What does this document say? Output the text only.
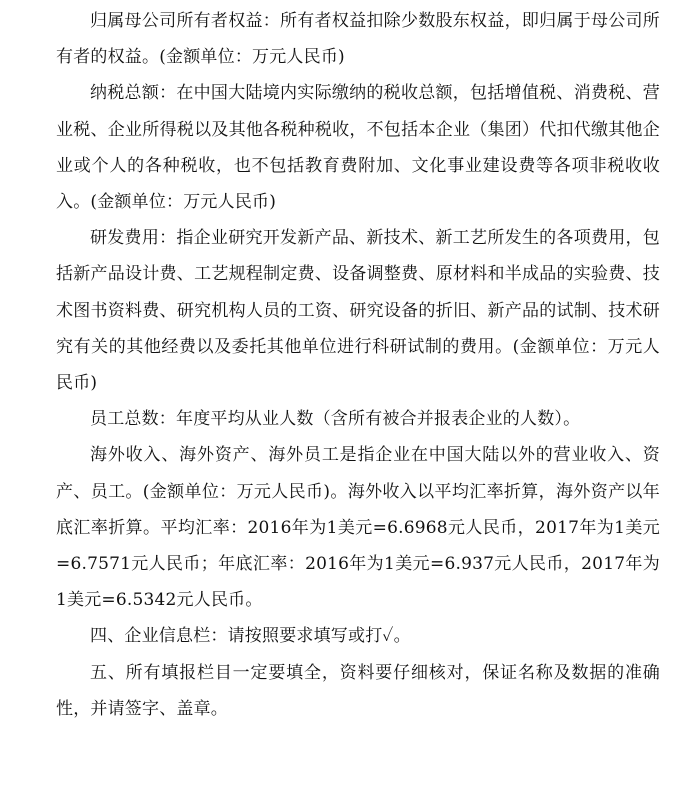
归属母公司所有者权益：所有者权益扣除少数股东权益，即归属于母公司所有者的权益。(金额单位：万元人民币)

纳税总额：在中国大陆境内实际缴纳的税收总额，包括增值税、消费税、营业税、企业所得税以及其他各税种税收，不包括本企业（集团）代扣代缴其他企业或个人的各种税收，也不包括教育费附加、文化事业建设费等各项非税收收入。(金额单位：万元人民币)

研发费用：指企业研究开发新产品、新技术、新工艺所发生的各项费用，包括新产品设计费、工艺规程制定费、设备调整费、原材料和半成品的实验费、技术图书资料费、研究机构人员的工资、研究设备的折旧、新产品的试制、技术研究有关的其他经费以及委托其他单位进行科研试制的费用。(金额单位：万元人民币)

员工总数：年度平均从业人数（含所有被合并报表企业的人数）。

海外收入、海外资产、海外员工是指企业在中国大陆以外的营业收入、资产、员工。(金额单位：万元人民币)。海外收入以平均汇率折算，海外资产以年底汇率折算。平均汇率：2016年为1美元=6.6968元人民币，2017年为1美元=6.7571元人民币；年底汇率：2016年为1美元=6.937元人民币，2017年为1美元=6.5342元人民币。

四、企业信息栏：请按照要求填写或打✓。

五、所有填报栏目一定要填全，资料要仔细核对，保证名称及数据的准确性，并请签字、盖章。
